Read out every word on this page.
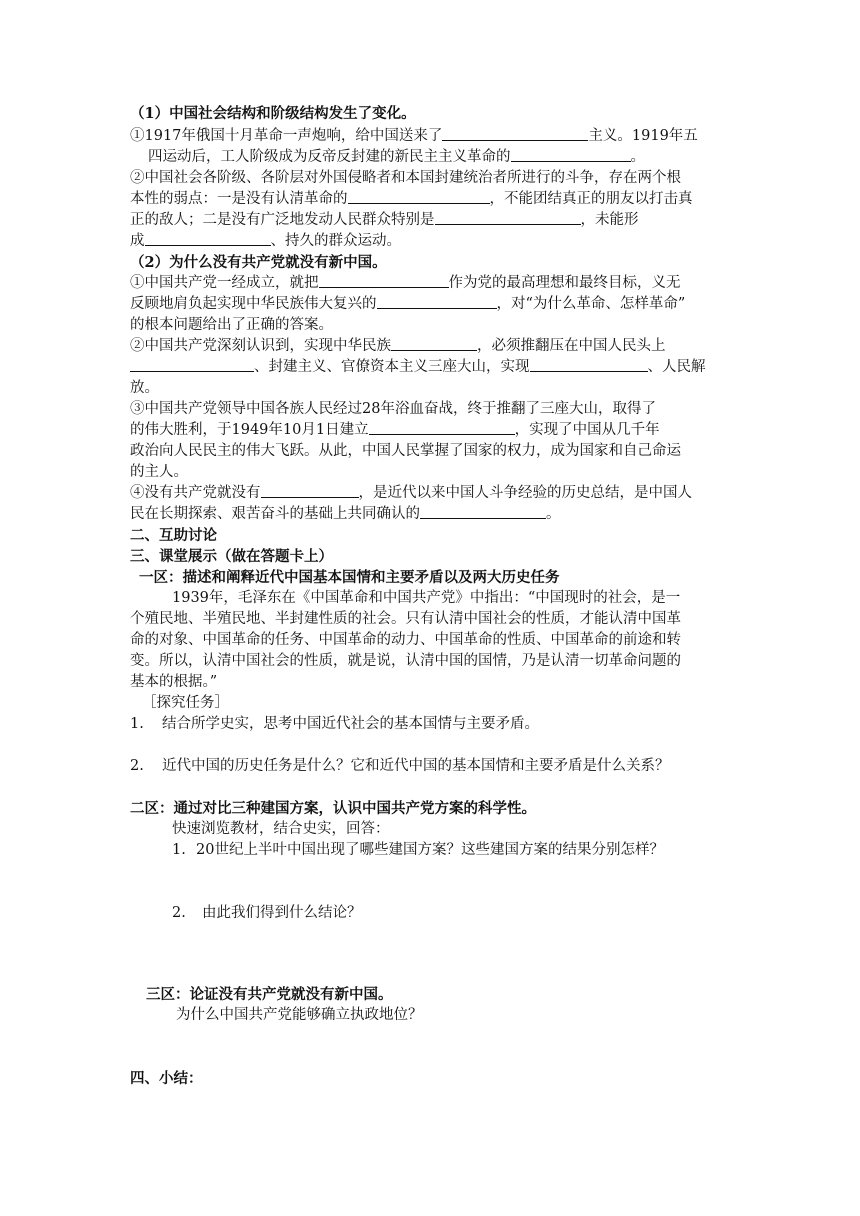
（1）中国社会结构和阶级结构发生了变化。
①1917年俄国十月革命一声炮响，给中国送来了	主义。1919年五
四运动后，工人阶级成为反帝反封建的新民主主义革命的	。
②中国社会各阶级、各阶层对外国侵略者和本国封建统治者所进行的斗争，存在两个根
本性的弱点：一是没有认清革命的	，不能团结真正的朋友以打击真
正的敌人；二是没有广泛地发动人民群众特别是	，未能形
成	、持久的群众运动。
（2）为什么没有共产党就没有新中国。
①中国共产党一经成立，就把	作为党的最高理想和最终目标，义无
反顾地肩负起实现中华民族伟大复兴的	，对“为什么革命、怎样革命”
的根本问题给出了正确的答案。
②中国共产党深刻认识到，实现中华民族	，必须推翻压在中国人民头上
、封建主义、官僚资本主义三座大山，实现	、人民解
放。
③中国共产党领导中国各族人民经过28年浴血奋战，终于推翻了三座大山，取得了
的伟大胜利，于1949年10月1日建立	，实现了中国从几千年
政治向人民民主的伟大飞跃。从此，中国人民掌握了国家的权力，成为国家和自己命运
的主人。
④没有共产党就没有	，是近代以来中国人斗争经验的历史总结，是中国人
民在长期探索、艰苦奋斗的基础上共同确认的	。
二、互助讨论
三、课堂展示（做在答题卡上）
一区：描述和阐释近代中国基本国情和主要矛盾以及两大历史任务
1939年，毛泽东在《中国革命和中国共产党》中指出：“中国现时的社会，是一
个殖民地、半殖民地、半封建性质的社会。只有认清中国社会的性质，才能认清中国革
命的对象、中国革命的任务、中国革命的动力、中国革命的性质、中国革命的前途和转
变。所以，认清中国社会的性质，就是说，认清中国的国情，乃是认清一切革命问题的
基本的根据。”
［探究任务］
1. 结合所学史实，思考中国近代社会的基本国情与主要矛盾。
2. 近代中国的历史任务是什么？它和近代中国的基本国情和主要矛盾是什么关系？
二区：通过对比三种建国方案，认识中国共产党方案的科学性。
快速浏览教材，结合史实，回答：
1. 20世纪上半叶中国出现了哪些建国方案？这些建国方案的结果分别怎样？
2. 由此我们得到什么结论？
三区：论证没有共产党就没有新中国。
为什么中国共产党能够确立执政地位？
四、小结：
